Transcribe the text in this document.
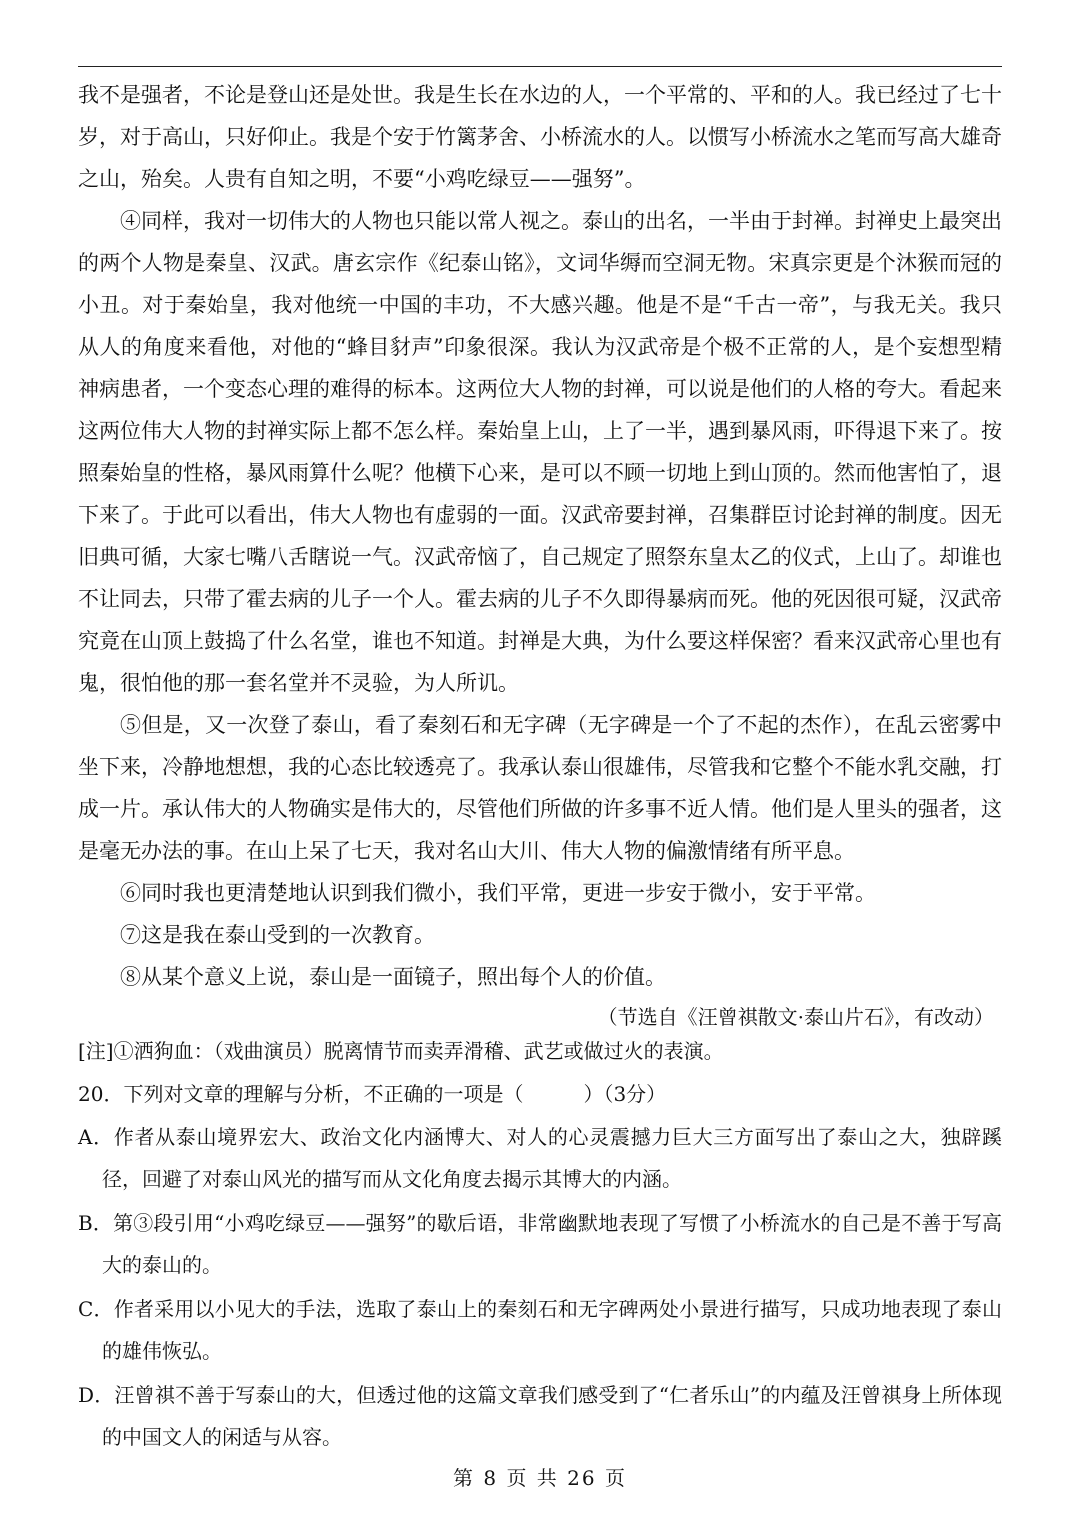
我不是强者，不论是登山还是处世。我是生长在水边的人，一个平常的、平和的人。我已经过了七十岁，对于高山，只好仰止。我是个安于竹篱茅舍、小桥流水的人。以惯写小桥流水之笔而写高大雄奇之山，殆矣。人贵有自知之明，不要“小鸡吃绿豆——强努”。

④同样，我对一切伟大的人物也只能以常人视之。泰山的出名，一半由于封禅。封禅史上最突出的两个人物是秦皇、汉武。唐玄宗作《纪泰山铭》，文词华缛而空洞无物。宋真宗更是个沐猴而冠的小丑。对于秦始皇，我对他统一中国的丰功，不大感兴趣。他是不是“千古一帝”，与我无关。我只从人的角度来看他，对他的“蜂目豺声”印象很深。我认为汉武帝是个极不正常的人，是个妄想型精神病患者，一个变态心理的难得的标本。这两位大人物的封禅，可以说是他们的人格的夸大。看起来这两位伟大人物的封禅实际上都不怎么样。秦始皇上山，上了一半，遇到暴风雨，吓得退下来了。按照秦始皇的性格，暴风雨算什么呢？他横下心来，是可以不顾一切地上到山顶的。然而他害怕了，退下来了。于此可以看出，伟大人物也有虚弱的一面。汉武帝要封禅，召集群臣讨论封禅的制度。因无旧典可循，大家七嘴八舌瞎说一气。汉武帝恼了，自己规定了照祭东皇太乙的仪式，上山了。却谁也不让同去，只带了霍去病的儿子一个人。霍去病的儿子不久即得暴病而死。他的死因很可疑，汉武帝究竟在山顶上鼓捣了什么名堂，谁也不知道。封禅是大典，为什么要这样保密？看来汉武帝心里也有鬼，很怕他的那一套名堂并不灵验，为人所讥。

⑤但是，又一次登了泰山，看了秦刻石和无字碑（无字碑是一个了不起的杰作），在乱云密雾中坐下来，冷静地想想，我的心态比较透亮了。我承认泰山很雄伟，尽管我和它整个不能水乳交融，打成一片。承认伟大的人物确实是伟大的，尽管他们所做的许多事不近人情。他们是人里头的强者，这是毫无办法的事。在山上呆了七天，我对名山大川、伟大人物的偏激情绪有所平息。

⑥同时我也更清楚地认识到我们微小，我们平常，更进一步安于微小，安于平常。

⑦这是我在泰山受到的一次教育。

⑧从某个意义上说，泰山是一面镜子，照出每个人的价值。

（节选自《汪曾祺散文·泰山片石》，有改动）
[注]①洒狗血：（戏曲演员）脱离情节而卖弄滑稽、武艺或做过火的表演。
20．下列对文章的理解与分析，不正确的一项是（　　　）（3分）
A．作者从泰山境界宏大、政治文化内涵博大、对人的心灵震撼力巨大三方面写出了泰山之大，独辟蹊径，回避了对泰山风光的描写而从文化角度去揭示其博大的内涵。
B．第③段引用“小鸡吃绿豆——强努”的歇后语，非常幽默地表现了写惯了小桥流水的自己是不善于写高大的泰山的。
C．作者采用以小见大的手法，选取了泰山上的秦刻石和无字碑两处小景进行描写，只成功地表现了泰山的雄伟恢弘。
D．汪曾祺不善于写泰山的大，但透过他的这篇文章我们感受到了“仁者乐山”的内蕴及汪曾祺身上所体现的中国文人的闲适与从容。
第 8 页 共 26 页
